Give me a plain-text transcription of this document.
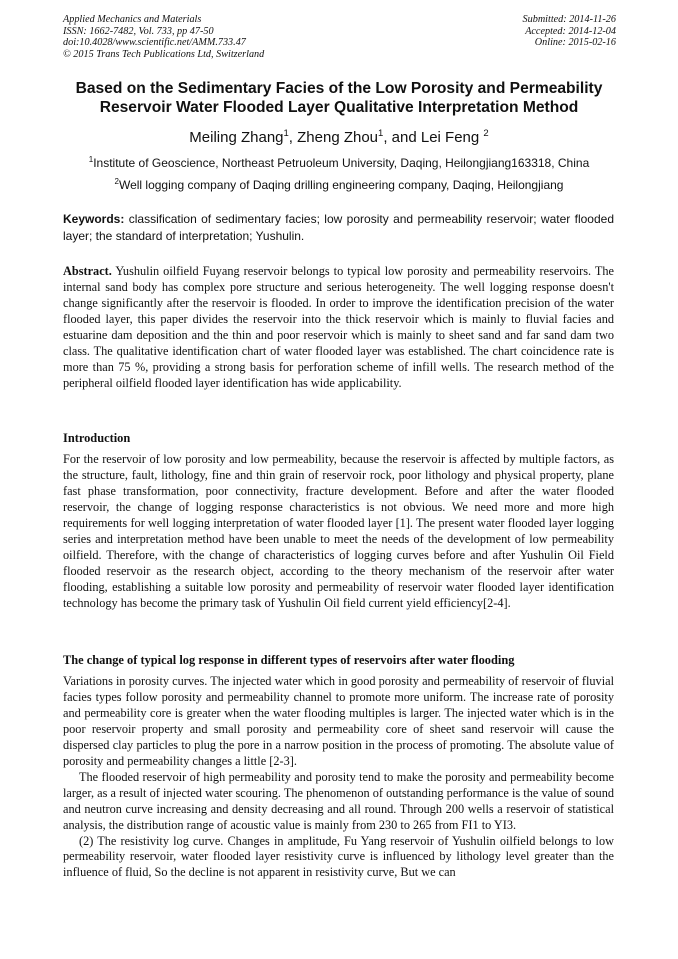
Applied Mechanics and Materials
ISSN: 1662-7482, Vol. 733, pp 47-50
doi:10.4028/www.scientific.net/AMM.733.47
© 2015 Trans Tech Publications Ltd, Switzerland
Submitted: 2014-11-26
Accepted: 2014-12-04
Online: 2015-02-16
Based on the Sedimentary Facies of the Low Porosity and Permeability
Reservoir Water Flooded Layer Qualitative Interpretation Method
Meiling Zhang$^1$, Zheng Zhou$^1$, and Lei Feng $^2$
$^1$Institute of Geoscience, Northeast Petruoleum University, Daqing, Heilongjiang163318, China
$^2$Well logging company of Daqing drilling engineering company, Daqing, Heilongjiang
Keywords: classification of sedimentary facies; low porosity and permeability reservoir; water flooded layer; the standard of interpretation; Yushulin.

Abstract. Yushulin oilfield Fuyang reservoir belongs to typical low porosity and permeability reservoirs. The internal sand body has complex pore structure and serious heterogeneity. The well logging response doesn't change significantly after the reservoir is flooded. In order to improve the identification precision of the water flooded layer, this paper divides the reservoir into the thick reservoir which is mainly to fluvial facies and estuarine dam deposition and the thin and poor reservoir which is mainly to sheet sand and far sand dam two class. The qualitative identification chart of water flooded layer was established. The chart coincidence rate is more than 75 %, providing a strong basis for perforation scheme of infill wells. The research method of the peripheral oilfield flooded layer identification has wide applicability.

Introduction

For the reservoir of low porosity and low permeability, because the reservoir is affected by multiple factors, as the structure, fault, lithology, fine and thin grain of reservoir rock, poor lithology and physical property, plane fast phase transformation, poor connectivity, fracture development. Before and after the water flooded reservoir, the change of logging response characteristics is not obvious. We need more and more high requirements for well logging interpretation of water flooded layer [1]. The present water flooded layer logging series and interpretation method have been unable to meet the needs of the development of low permeability oilfield. Therefore, with the change of characteristics of logging curves before and after Yushulin Oil Field flooded reservoir as the research object, according to the theory mechanism of the reservoir after water flooding, establishing a suitable low porosity and permeability of reservoir water flooded layer identification technology has become the primary task of Yushulin Oil field current yield efficiency[2-4].

The change of typical log response in different types of reservoirs after water flooding

Variations in porosity curves. The injected water which in good porosity and permeability of reservoir of fluvial facies types follow porosity and permeability channel to promote more uniform. The increase rate of porosity and permeability core is greater when the water flooding multiples is larger. The injected water which is in the poor reservoir property and small porosity and permeability core of sheet sand reservoir will cause the dispersed clay particles to plug the pore in a narrow position in the process of promoting. The absolute value of porosity and permeability changes a little [2-3].

The flooded reservoir of high permeability and porosity tend to make the porosity and permeability become larger, as a result of injected water scouring. The phenomenon of outstanding performance is the value of sound and neutron curve increasing and density decreasing and all round. Through 200 wells a reservoir of statistical analysis, the distribution range of acoustic value is mainly from 230 to 265 from FI1 to YI3.

(2) The resistivity log curve. Changes in amplitude, Fu Yang reservoir of Yushulin oilfield belongs to low permeability reservoir, water flooded layer resistivity curve is influenced by lithology level greater than the influence of fluid, So the decline is not apparent in resistivity curve, But we can
